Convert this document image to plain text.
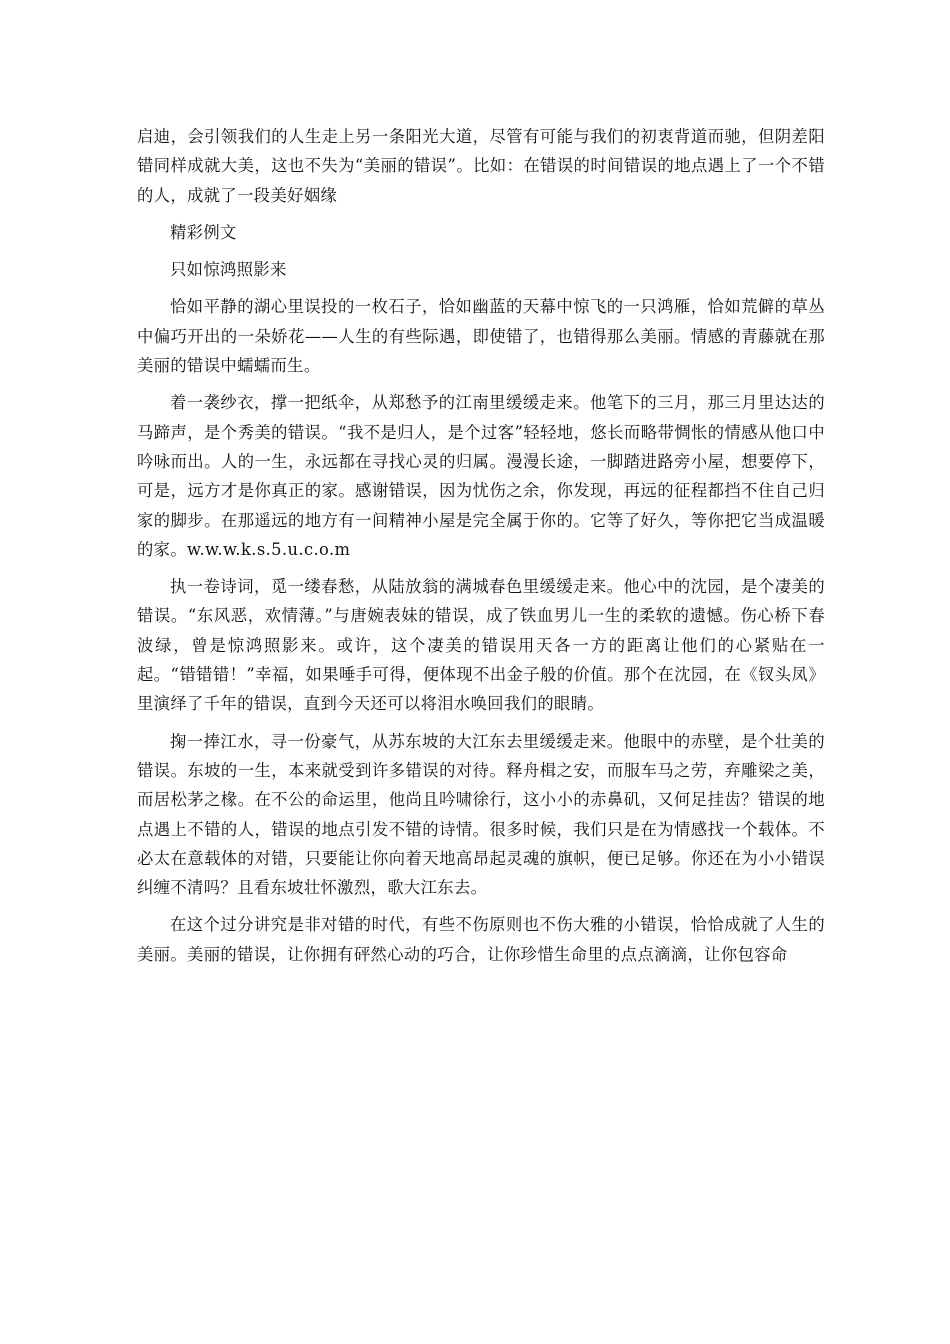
启迪，会引领我们的人生走上另一条阳光大道，尽管有可能与我们的初衷背道而驰，但阴差阳错同样成就大美，这也不失为“美丽的错误”。比如：在错误的时间错误的地点遇上了一个不错的人，成就了一段美好姻缘

精彩例文

只如惊鸿照影来

恰如平静的湖心里误投的一枚石子，恰如幽蓝的天幕中惊飞的一只鸿雁，恰如荒僻的草丛中偏巧开出的一朵娇花——人生的有些际遇，即使错了，也错得那么美丽。情感的青藤就在那美丽的错误中蠕蠕而生。

着一袭纱衣，撑一把纸伞，从郑愁予的江南里缓缓走来。他笔下的三月，那三月里达达的马蹄声，是个秀美的错误。“我不是归人，是个过客”轻轻地，悠长而略带惆怅的情感从他口中吟咏而出。人的一生，永远都在寻找心灵的归属。漫漫长途，一脚踏进路旁小屋，想要停下，可是，远方才是你真正的家。感谢错误，因为忧伤之余，你发现，再远的征程都挡不住自己归家的脚步。在那遥远的地方有一间精神小屋是完全属于你的。它等了好久，等你把它当成温暖的家。w.w.w.k.s.5.u.c.o.m

执一卷诗词，觅一缕春愁，从陆放翁的满城春色里缓缓走来。他心中的沈园，是个凄美的错误。“东风恶，欢情薄。”与唐婉表妹的错误，成了铁血男儿一生的柔软的遗憾。伤心桥下春波绿，曾是惊鸿照影来。或许，这个凄美的错误用天各一方的距离让他们的心紧贴在一起。“错错错！”幸福，如果唾手可得，便体现不出金子般的价值。那个在沈园，在《钗头凤》里演绎了千年的错误，直到今天还可以将泪水唤回我们的眼睛。

掬一捧江水，寻一份豪气，从苏东坡的大江东去里缓缓走来。他眼中的赤壁，是个壮美的错误。东坡的一生，本来就受到许多错误的对待。释舟楫之安，而服车马之劳，弃雕梁之美，而居松茅之椽。在不公的命运里，他尚且吟啸徐行，这小小的赤鼻矶，又何足挂齿？错误的地点遇上不错的人，错误的地点引发不错的诗情。很多时候，我们只是在为情感找一个载体。不必太在意载体的对错，只要能让你向着天地高昂起灵魂的旗帜，便已足够。你还在为小小错误纠缠不清吗？且看东坡壮怀激烈，歌大江东去。

在这个过分讲究是非对错的时代，有些不伤原则也不伤大雅的小错误，恰恰成就了人生的美丽。美丽的错误，让你拥有砰然心动的巧合，让你珍惜生命里的点点滴滴，让你包容命
